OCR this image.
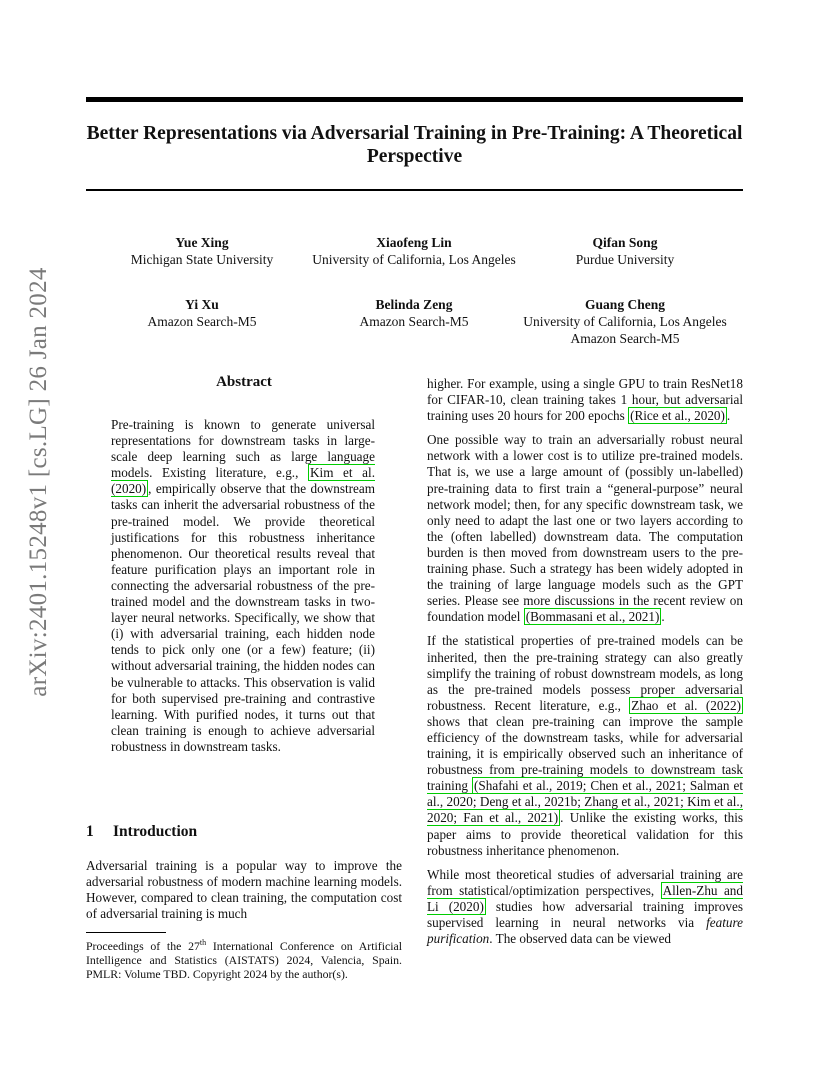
arXiv:2401.15248v1 [cs.LG] 26 Jan 2024
Better Representations via Adversarial Training in Pre-Training: A Theoretical Perspective
Yue Xing
Michigan State University
Xiaofeng Lin
University of California, Los Angeles
Qifan Song
Purdue University
Yi Xu
Amazon Search-M5
Belinda Zeng
Amazon Search-M5
Guang Cheng
University of California, Los Angeles
Amazon Search-M5
Abstract

Pre-training is known to generate universal representations for downstream tasks in large-scale deep learning such as large language models. Existing literature, e.g., Kim et al. (2020) , empirically observe that the downstream tasks can inherit the adversarial robustness of the pre-trained model. We provide theoretical justifications for this robustness inheritance phenomenon. Our theoretical results reveal that feature purification plays an important role in connecting the adversarial robustness of the pre-trained model and the downstream tasks in two-layer neural networks. Specifically, we show that (i) with adversarial training, each hidden node tends to pick only one (or a few) feature; (ii) without adversarial training, the hidden nodes can be vulnerable to attacks. This observation is valid for both supervised pre-training and contrastive learning. With purified nodes, it turns out that clean training is enough to achieve adversarial robustness in downstream tasks.

1 Introduction

Adversarial training is a popular way to improve the adversarial robustness of modern machine learning models. However, compared to clean training, the computation cost of adversarial training is much

Proceedings of the 27th International Conference on Artificial Intelligence and Statistics (AISTATS) 2024, Valencia, Spain. PMLR: Volume TBD. Copyright 2024 by the author(s).

higher. For example, using a single GPU to train ResNet18 for CIFAR-10, clean training takes 1 hour, but adversarial training uses 20 hours for 200 epochs (Rice et al., 2020) .

One possible way to train an adversarially robust neural network with a lower cost is to utilize pre-trained models. That is, we use a large amount of (possibly un-labelled) pre-training data to first train a “general-purpose” neural network model; then, for any specific downstream task, we only need to adapt the last one or two layers according to the (often labelled) downstream data. The computation burden is then moved from downstream users to the pre-training phase. Such a strategy has been widely adopted in the training of large language models such as the GPT series. Please see more discussions in the recent review on foundation model (Bommasani et al., 2021) .

If the statistical properties of pre-trained models can be inherited, then the pre-training strategy can also greatly simplify the training of robust downstream models, as long as the pre-trained models possess proper adversarial robustness. Recent literature, e.g., Zhao et al. (2022) shows that clean pre-training can improve the sample efficiency of the downstream tasks, while for adversarial training, it is empirically observed such an inheritance of robustness from pre-training models to downstream task training (Shafahi et al., 2019; Chen et al., 2021; Salman et al., 2020; Deng et al., 2021b; Zhang et al., 2021; Kim et al., 2020; Fan et al., 2021) . Unlike the existing works, this paper aims to provide theoretical validation for this robustness inheritance phenomenon.

While most theoretical studies of adversarial training are from statistical/optimization perspectives, Allen-Zhu and Li (2020) studies how adversarial training improves supervised learning in neural networks via feature purification. The observed data can be viewed
